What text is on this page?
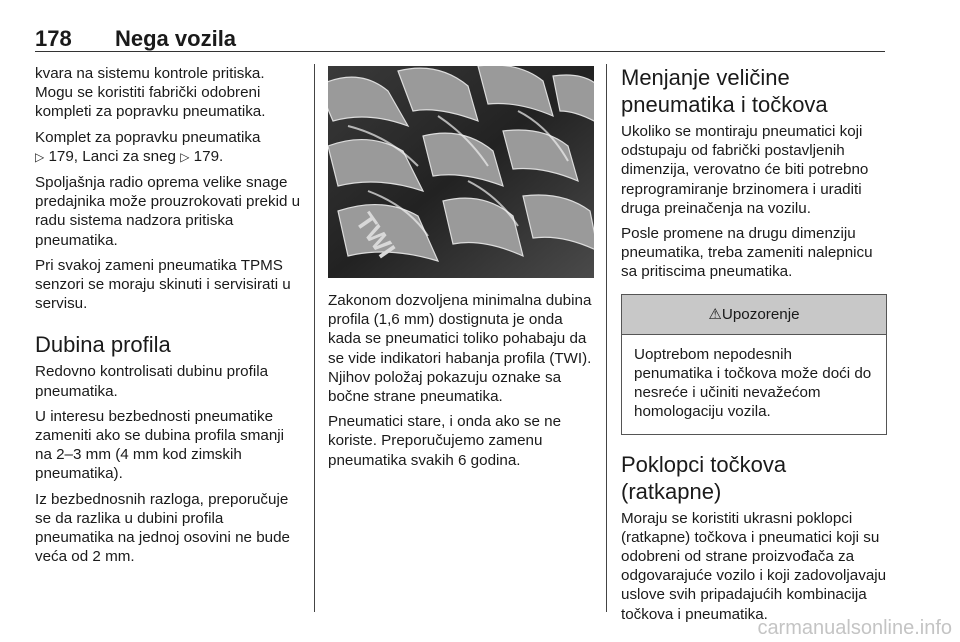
178 Nega vozila

kvara na sistemu kontrole pritiska. Mogu se koristiti fabrički odobreni kompleti za popravku pneumatika.

Komplet za popravku pneumatika
▷ 179, Lanci za sneg ▷ 179.

Spoljašnja radio oprema velike snage predajnika može prouzrokovati prekid u radu sistema nadzora pritiska pneumatika.

Pri svakoj zameni pneumatika TPMS senzori se moraju skinuti i servisirati u servisu.

Dubina profila

Redovno kontrolisati dubinu profila pneumatika.

U interesu bezbednosti pneumatike zameniti ako se dubina profila smanji na 2–3 mm (4 mm kod zimskih pneumatika).

Iz bezbednosnih razloga, preporučuje se da razlika u dubini profila pneumatika na jednoj osovini ne bude veća od 2 mm.

TWI

Zakonom dozvoljena minimalna dubina profila (1,6 mm) dostignuta je onda kada se pneumatici toliko pohabaju da se vide indikatori habanja profila (TWI). Njihov položaj pokazuju oznake sa bočne strane pneumatika.

Pneumatici stare, i onda ako se ne koriste. Preporučujemo zamenu pneumatika svakih 6 godina.

Menjanje veličine pneumatika i točkova

Ukoliko se montiraju pneumatici koji odstupaju od fabrički postavljenih dimenzija, verovatno će biti potrebno reprogramiranje brzinomera i uraditi druga preinačenja na vozilu.

Posle promene na drugu dimenziju pneumatika, treba zameniti nalepnicu sa pritiscima pneumatika.

⚠Upozorenje
Uoptrebom nepodesnih penumatika i točkova može doći do nesreće i učiniti nevažećom homologaciju vozila.
Poklopci točkova (ratkapne)

Moraju se koristiti ukrasni poklopci (ratkapne) točkova i pneumatici koji su odobreni od strane proizvođača za odgovarajuće vozilo i koji zadovoljavaju uslove svih pripadajućih kombinacija točkova i pneumatika.

carmanualsonline.info
